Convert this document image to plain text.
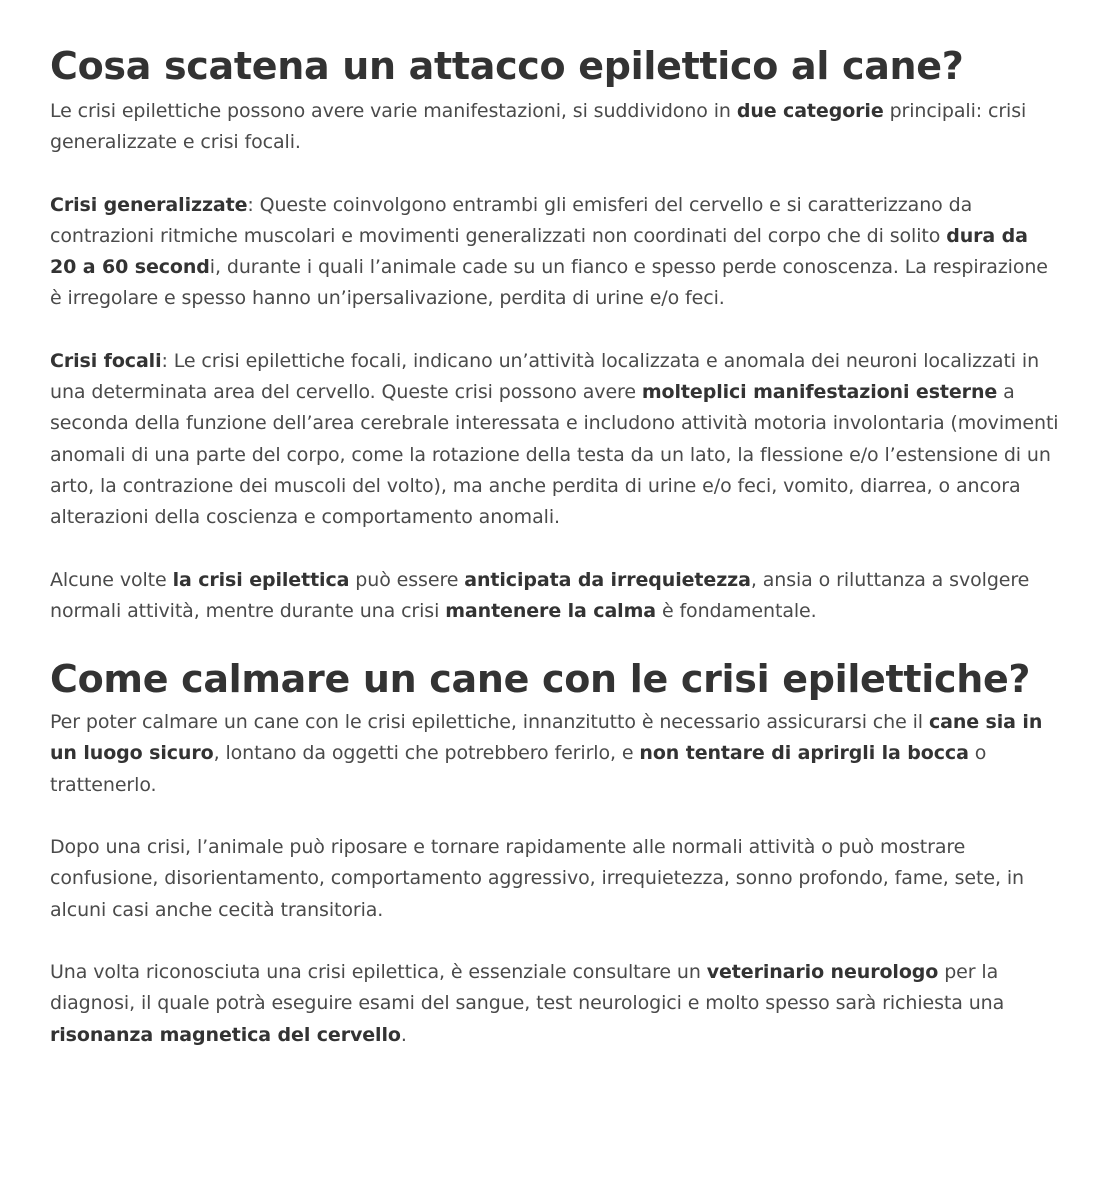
Cosa scatena un attacco epilettico al cane?

Le crisi epilettiche possono avere varie manifestazioni, si suddividono in due categorie principali: crisi generalizzate e crisi focali.

Crisi generalizzate: Queste coinvolgono entrambi gli emisferi del cervello e si caratterizzano da contrazioni ritmiche muscolari e movimenti generalizzati non coordinati del corpo che di solito dura da 20 a 60 secondi, durante i quali l’animale cade su un fianco e spesso perde conoscenza. La respirazione è irregolare e spesso hanno un’ipersalivazione, perdita di urine e/o feci.

Crisi focali: Le crisi epilettiche focali, indicano un’attività localizzata e anomala dei neuroni localizzati in una determinata area del cervello. Queste crisi possono avere molteplici manifestazioni esterne a seconda della funzione dell’area cerebrale interessata e includono attività motoria involontaria (movimenti anomali di una parte del corpo, come la rotazione della testa da un lato, la flessione e/o l’estensione di un arto, la contrazione dei muscoli del volto), ma anche perdita di urine e/o feci, vomito, diarrea, o ancora alterazioni della coscienza e comportamento anomali.

Alcune volte la crisi epilettica può essere anticipata da irrequietezza, ansia o riluttanza a svolgere normali attività, mentre durante una crisi mantenere la calma è fondamentale.

Come calmare un cane con le crisi epilettiche?

Per poter calmare un cane con le crisi epilettiche, innanzitutto è necessario assicurarsi che il cane sia in un luogo sicuro, lontano da oggetti che potrebbero ferirlo, e non tentare di aprirgli la bocca o trattenerlo.

Dopo una crisi, l’animale può riposare e tornare rapidamente alle normali attività o può mostrare confusione, disorientamento, comportamento aggressivo, irrequietezza, sonno profondo, fame, sete, in alcuni casi anche cecità transitoria.

Una volta riconosciuta una crisi epilettica, è essenziale consultare un veterinario neurologo per la diagnosi, il quale potrà eseguire esami del sangue, test neurologici e molto spesso sarà richiesta una risonanza magnetica del cervello.
